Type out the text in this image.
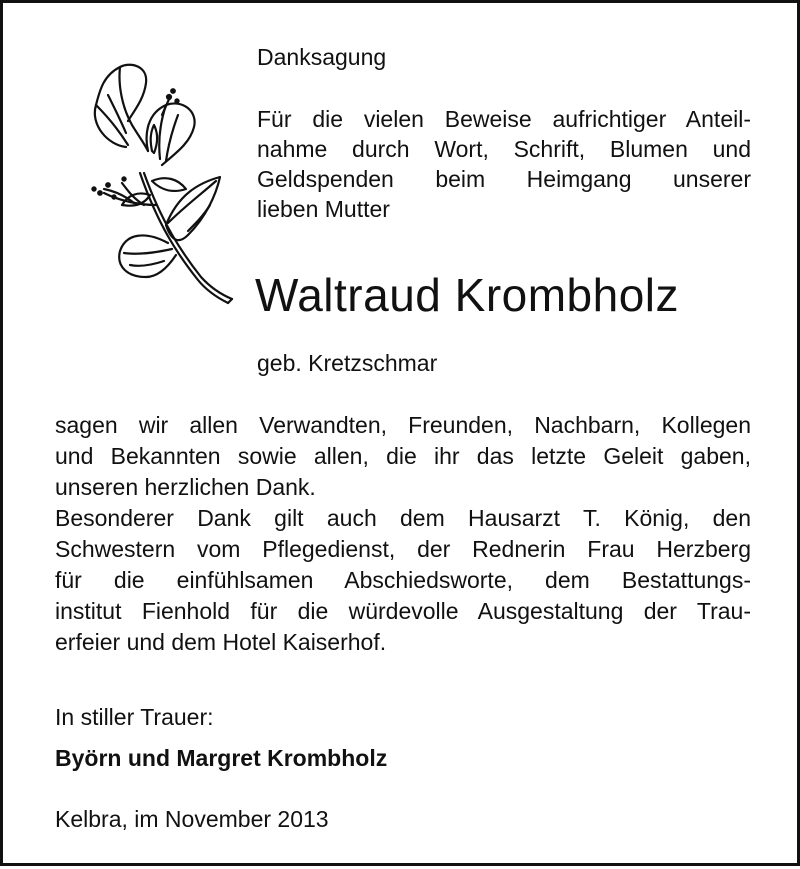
Danksagung
Für die vielen Beweise aufrichtiger Anteil-
nahme durch Wort, Schrift, Blumen und
Geldspenden beim Heimgang unserer
lieben Mutter
Waltraud Krombholz
geb. Kretzschmar
sagen wir allen Verwandten, Freunden, Nachbarn, Kollegen
und Bekannten sowie allen, die ihr das letzte Geleit gaben,
unseren herzlichen Dank.
Besonderer Dank gilt auch dem Hausarzt T. König, den
Schwestern vom Pflegedienst, der Rednerin Frau Herzberg
für die einfühlsamen Abschiedsworte, dem Bestattungs-
institut Fienhold für die würdevolle Ausgestaltung der Trau-
erfeier und dem Hotel Kaiserhof.
In stiller Trauer:
Byörn und Margret Krombholz
Kelbra, im November 2013
